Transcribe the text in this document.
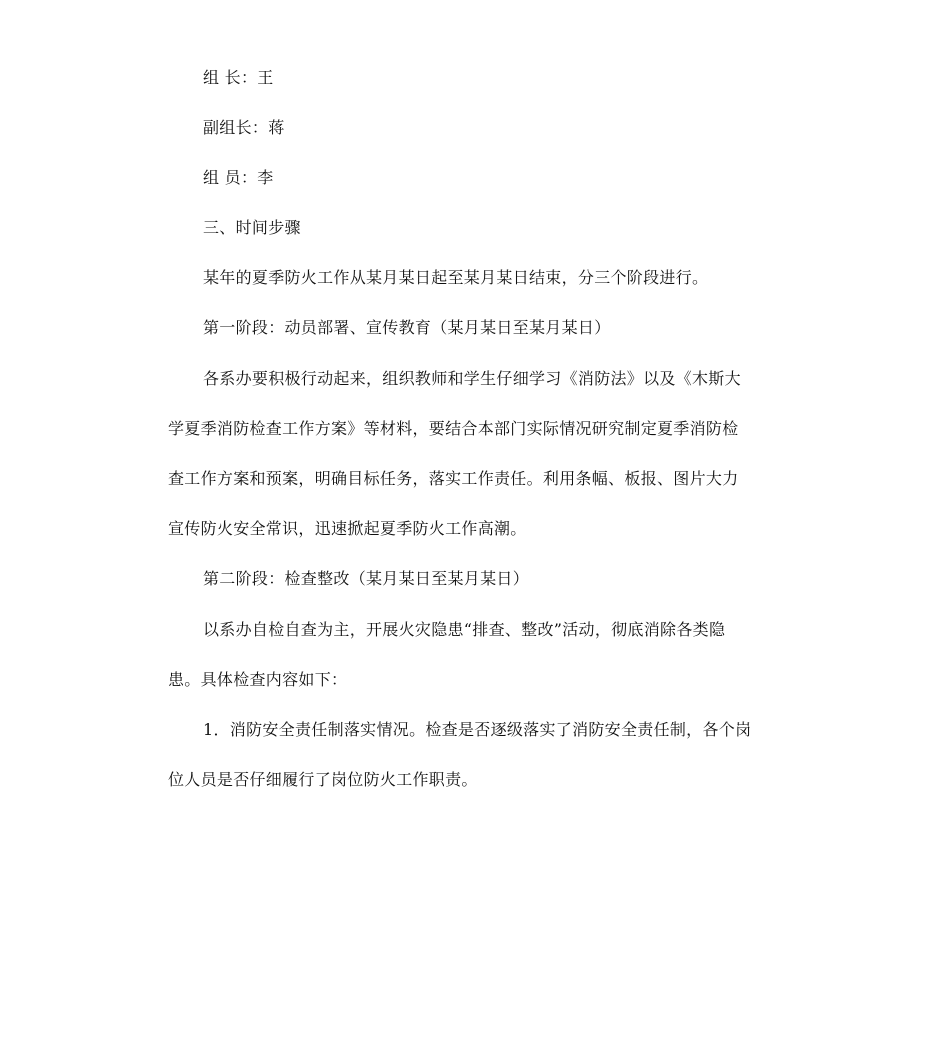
组 长：王
副组长：蒋
组 员：李
三、时间步骤
某年的夏季防火工作从某月某日起至某月某日结束，分三个阶段进行。
第一阶段：动员部署、宣传教育（某月某日至某月某日）
各系办要积极行动起来，组织教师和学生仔细学习《消防法》以及《木斯大
学夏季消防检查工作方案》等材料，要结合本部门实际情况研究制定夏季消防检
查工作方案和预案，明确目标任务，落实工作责任。利用条幅、板报、图片大力
宣传防火安全常识，迅速掀起夏季防火工作高潮。
第二阶段：检查整改（某月某日至某月某日）
以系办自检自查为主，开展火灾隐患“排查、整改”活动，彻底消除各类隐
患。具体检查内容如下：
1．消防安全责任制落实情况。检查是否逐级落实了消防安全责任制，各个岗
位人员是否仔细履行了岗位防火工作职责。
